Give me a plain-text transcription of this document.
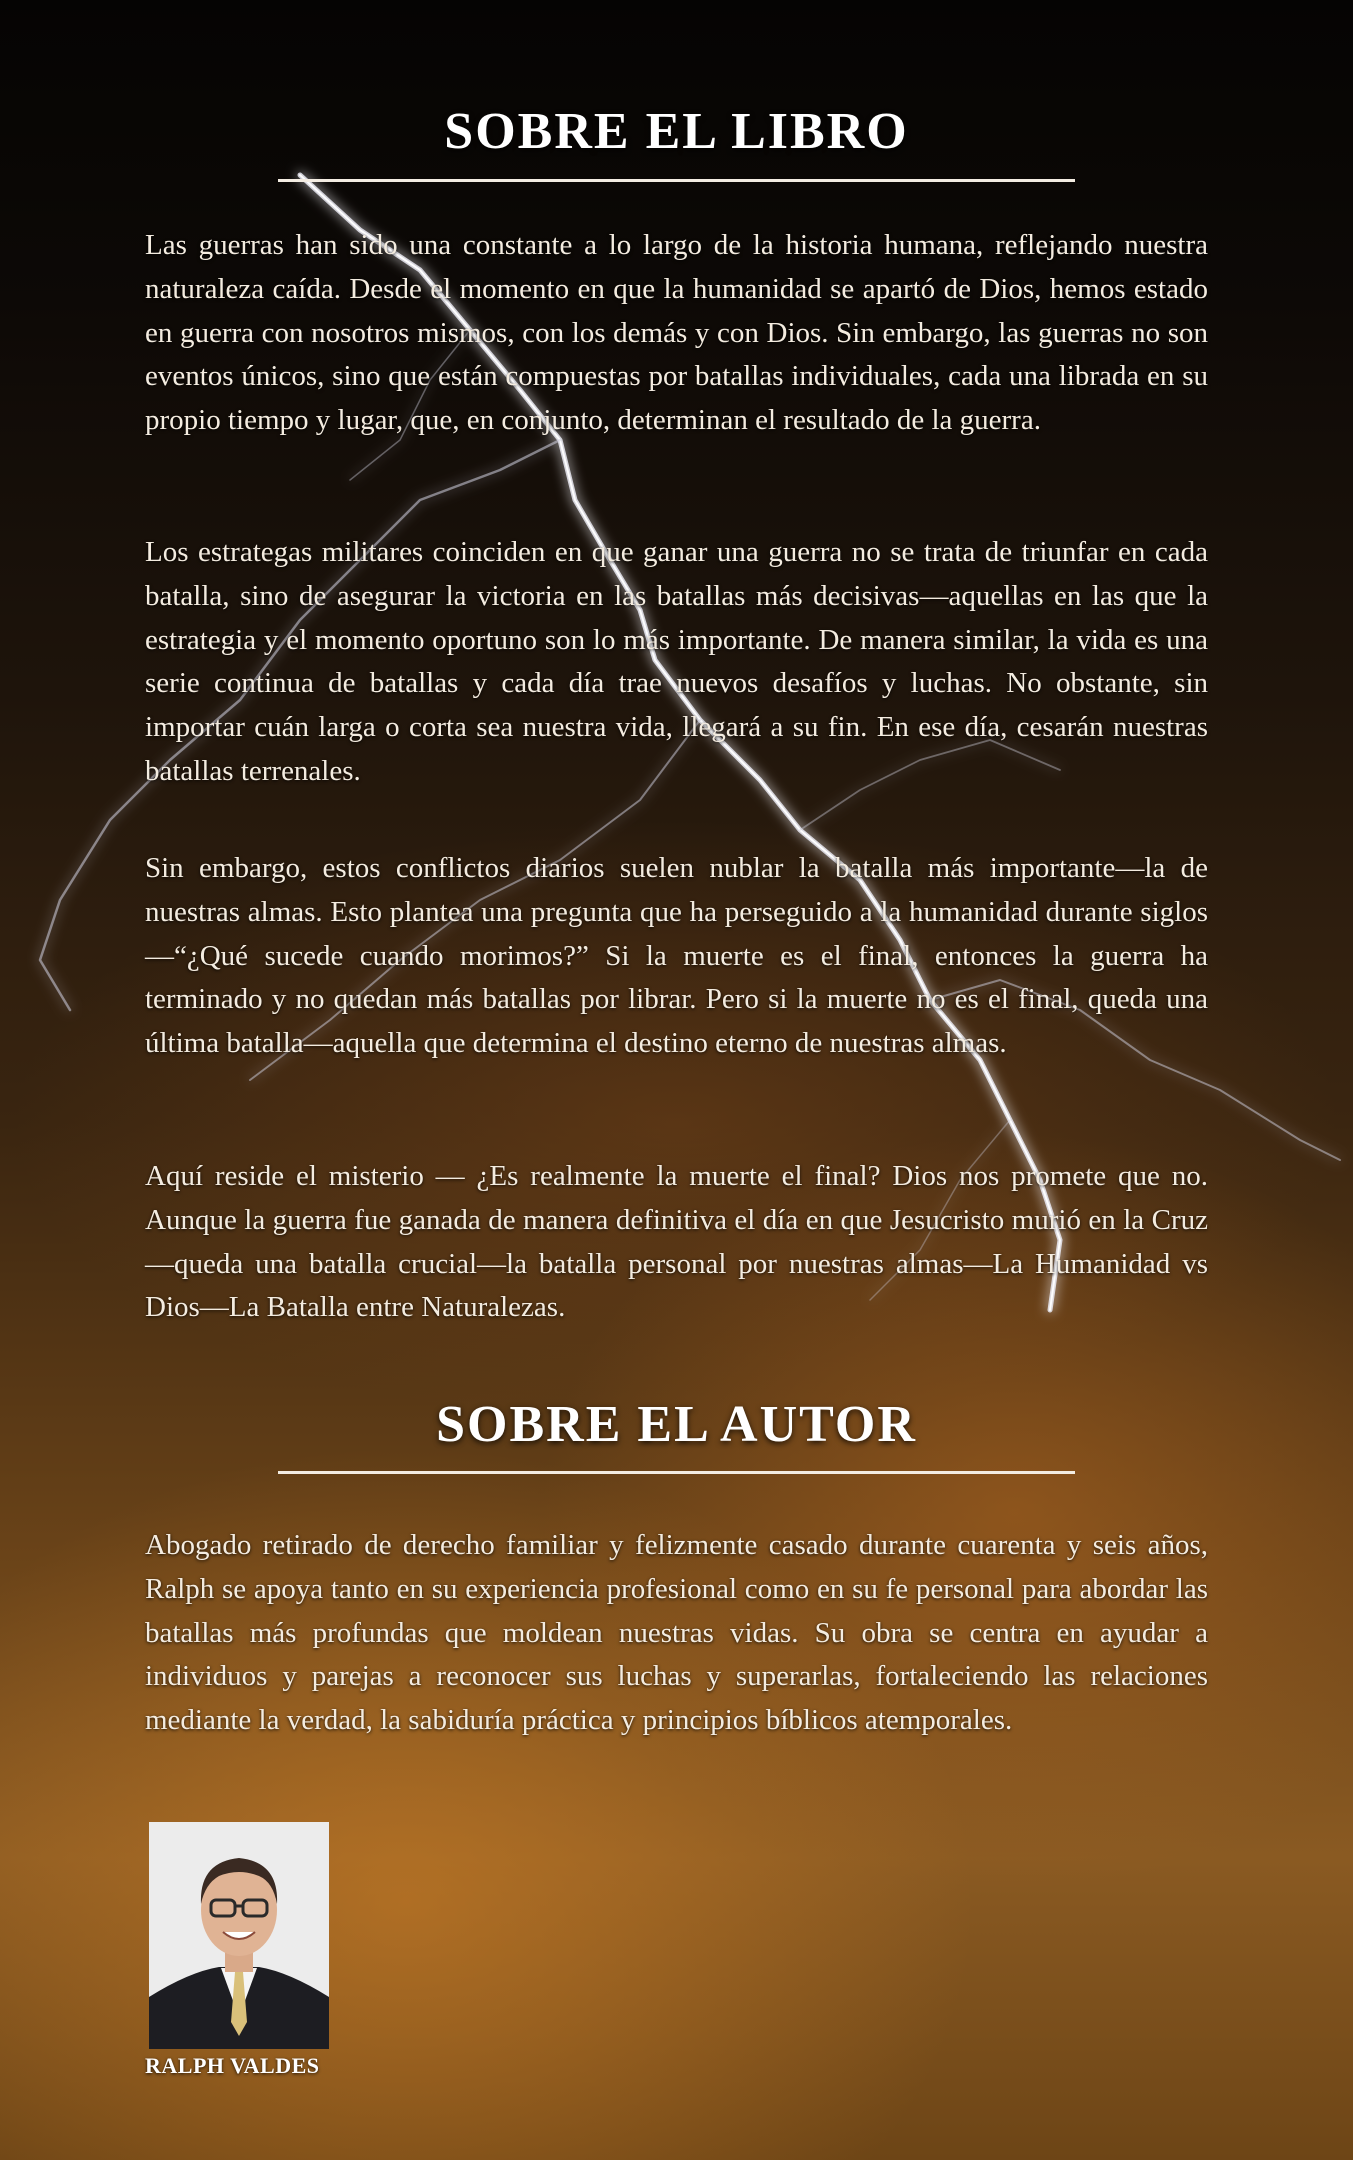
SOBRE EL LIBRO

Las guerras han sido una constante a lo largo de la historia humana, reflejando nuestra naturaleza caída. Desde el momento en que la humanidad se apartó de Dios, hemos estado en guerra con nosotros mismos, con los demás y con Dios. Sin embargo, las guerras no son eventos únicos, sino que están compuestas por batallas individuales, cada una librada en su propio tiempo y lugar, que, en conjunto, determinan el resultado de la guerra.

Los estrategas militares coinciden en que ganar una guerra no se trata de triunfar en cada batalla, sino de asegurar la victoria en las batallas más decisivas—aquellas en las que la estrategia y el momento oportuno son lo más importante. De manera similar, la vida es una serie continua de batallas y cada día trae nuevos desafíos y luchas. No obstante, sin importar cuán larga o corta sea nuestra vida, llegará a su fin. En ese día, cesarán nuestras batallas terrenales.

Sin embargo, estos conflictos diarios suelen nublar la batalla más importante—la de nuestras almas. Esto plantea una pregunta que ha perseguido a la humanidad durante siglos—“¿Qué sucede cuando morimos?” Si la muerte es el final, entonces la guerra ha terminado y no quedan más batallas por librar. Pero si la muerte no es el final, queda una última batalla—aquella que determina el destino eterno de nuestras almas.

Aquí reside el misterio — ¿Es realmente la muerte el final? Dios nos promete que no. Aunque la guerra fue ganada de manera definitiva el día en que Jesucristo murió en la Cruz—queda una batalla crucial—la batalla personal por nuestras almas—La Humanidad vs Dios—La Batalla entre Naturalezas.

SOBRE EL AUTOR

Abogado retirado de derecho familiar y felizmente casado durante cuarenta y seis años, Ralph se apoya tanto en su experiencia profesional como en su fe personal para abordar las batallas más profundas que moldean nuestras vidas. Su obra se centra en ayudar a individuos y parejas a reconocer sus luchas y superarlas, fortaleciendo las relaciones mediante la verdad, la sabiduría práctica y principios bíblicos atemporales.

RALPH VALDES
